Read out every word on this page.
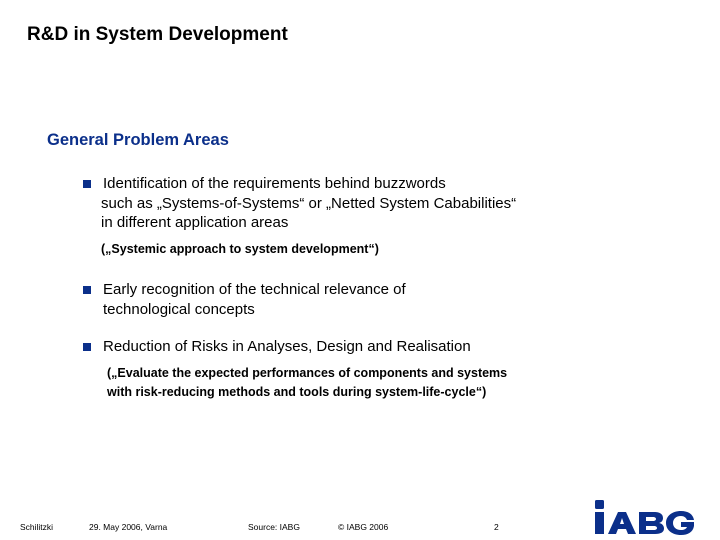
R&D in System Development
General Problem Areas
Identification of the requirements behind buzzwords
such as „Systems-of-Systems“ or „Netted System Cababilities“
in different application areas
(„Systemic approach to system development“)
Early recognition of the technical relevance of
technological concepts
Reduction of Risks in Analyses, Design and Realisation
(„Evaluate the expected performances of components and systems
with risk-reducing methods and tools during system-life-cycle“)
Schilitzki	29. May 2006, Varna	Source: IABG	© IABG 2006	2
